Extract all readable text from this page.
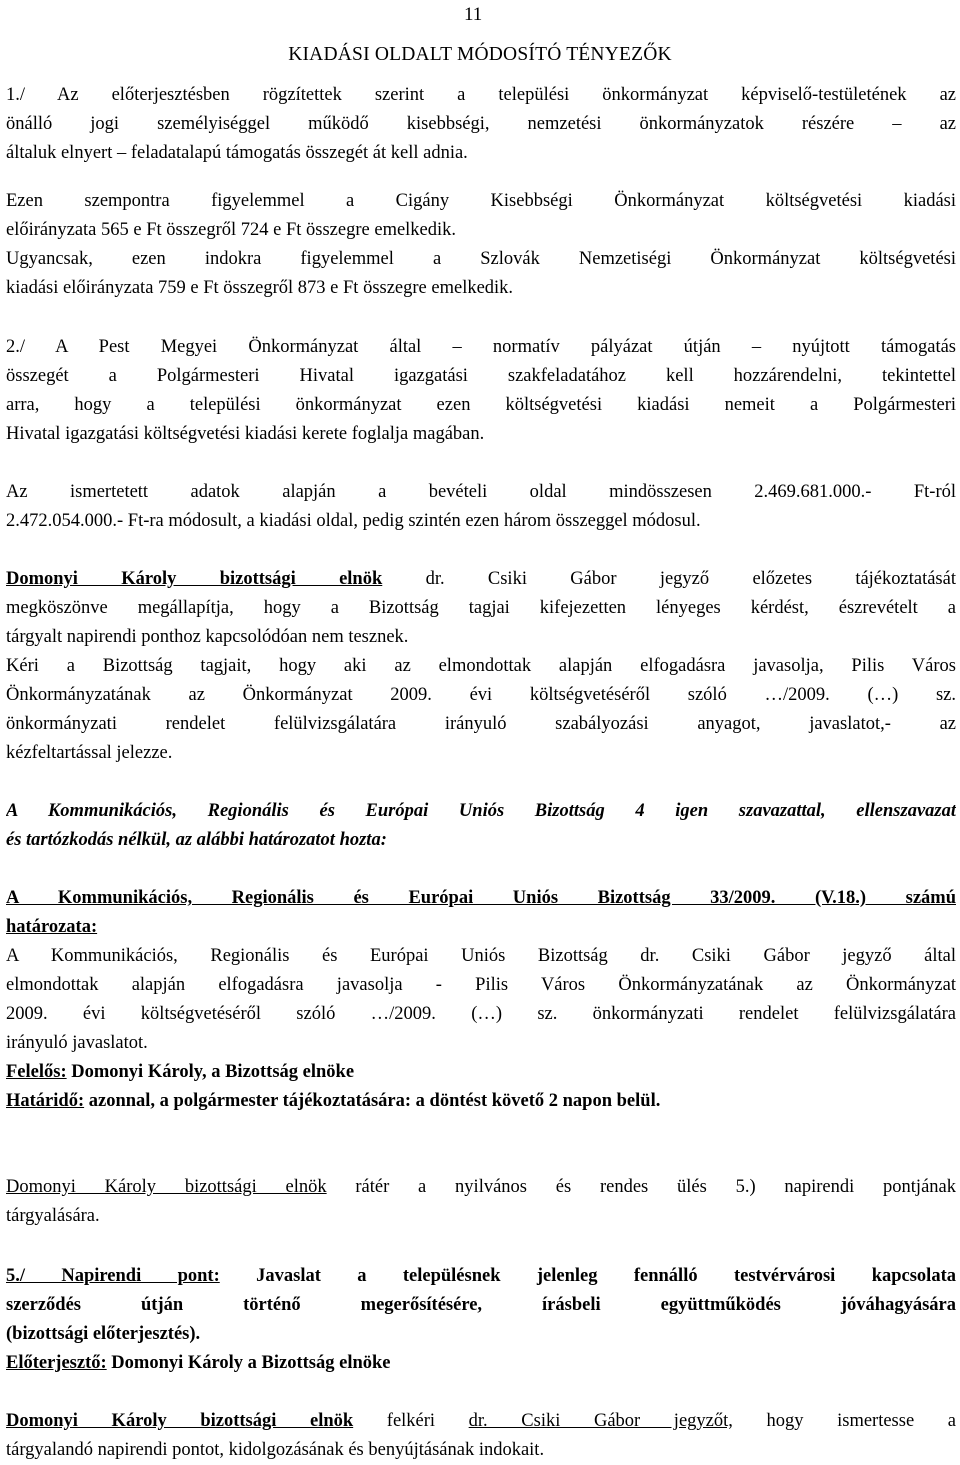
11
KIADÁSI OLDALT MÓDOSÍTÓ TÉNYEZŐK
1./ Az előterjesztésben rögzítettek szerint a települési önkormányzat képviselő-testületének az
önálló jogi személyiséggel működő kisebbségi, nemzetési önkormányzatok részére – az
általuk elnyert – feladatalapú támogatás összegét át kell adnia.
Ezen szempontra figyelemmel a Cigány Kisebbségi Önkormányzat költségvetési kiadási
előirányzata 565 e Ft összegről 724 e Ft összegre emelkedik.
Ugyancsak, ezen indokra figyelemmel a Szlovák Nemzetiségi Önkormányzat költségvetési
kiadási előirányzata 759 e Ft összegről 873 e Ft összegre emelkedik.
2./ A Pest Megyei Önkormányzat által – normatív pályázat útján – nyújtott támogatás
összegét a Polgármesteri Hivatal igazgatási szakfeladatához kell hozzárendelni, tekintettel
arra, hogy a települési önkormányzat ezen költségvetési kiadási nemeit a Polgármesteri
Hivatal igazgatási költségvetési kiadási kerete foglalja magában.
Az ismertetett adatok alapján a bevételi oldal mindösszesen 2.469.681.000.- Ft-ról
2.472.054.000.- Ft-ra módosult, a kiadási oldal, pedig szintén ezen három összeggel módosul.
Domonyi Károly bizottsági elnök dr. Csiki Gábor jegyző előzetes tájékoztatását
megköszönve megállapítja, hogy a Bizottság tagjai kifejezetten lényeges kérdést, észrevételt a
tárgyalt napirendi ponthoz kapcsolódóan nem tesznek.
Kéri a Bizottság tagjait, hogy aki az elmondottak alapján elfogadásra javasolja, Pilis Város
Önkormányzatának az Önkormányzat 2009. évi költségvetéséről szóló …/2009. (…) sz.
önkormányzati rendelet felülvizsgálatára irányuló szabályozási anyagot, javaslatot,- az
kézfeltartással jelezze.
A Kommunikációs, Regionális és Európai Uniós Bizottság 4 igen szavazattal, ellenszavazat
és tartózkodás nélkül, az alábbi határozatot hozta:
A Kommunikációs, Regionális és Európai Uniós Bizottság 33/2009. (V.18.) számú
határozata:
A Kommunikációs, Regionális és Európai Uniós Bizottság dr. Csiki Gábor jegyző által
elmondottak alapján elfogadásra javasolja - Pilis Város Önkormányzatának az Önkormányzat
2009. évi költségvetéséről szóló …/2009. (…) sz. önkormányzati rendelet felülvizsgálatára
irányuló javaslatot.
Felelős: Domonyi Károly, a Bizottság elnöke
Határidő: azonnal, a polgármester tájékoztatására: a döntést követő 2 napon belül.
Domonyi Károly bizottsági elnök rátér a nyilvános és rendes ülés 5.) napirendi pontjának
tárgyalására.
5./ Napirendi pont: Javaslat a településnek jelenleg fennálló testvérvárosi kapcsolata
szerződés útján történő megerősítésére, írásbeli együttműködés jóváhagyására
(bizottsági előterjesztés).
Előterjesztő: Domonyi Károly a Bizottság elnöke
Domonyi Károly bizottsági elnök felkéri dr. Csiki Gábor jegyzőt, hogy ismertesse a
tárgyalandó napirendi pontot, kidolgozásának és benyújtásának indokait.
